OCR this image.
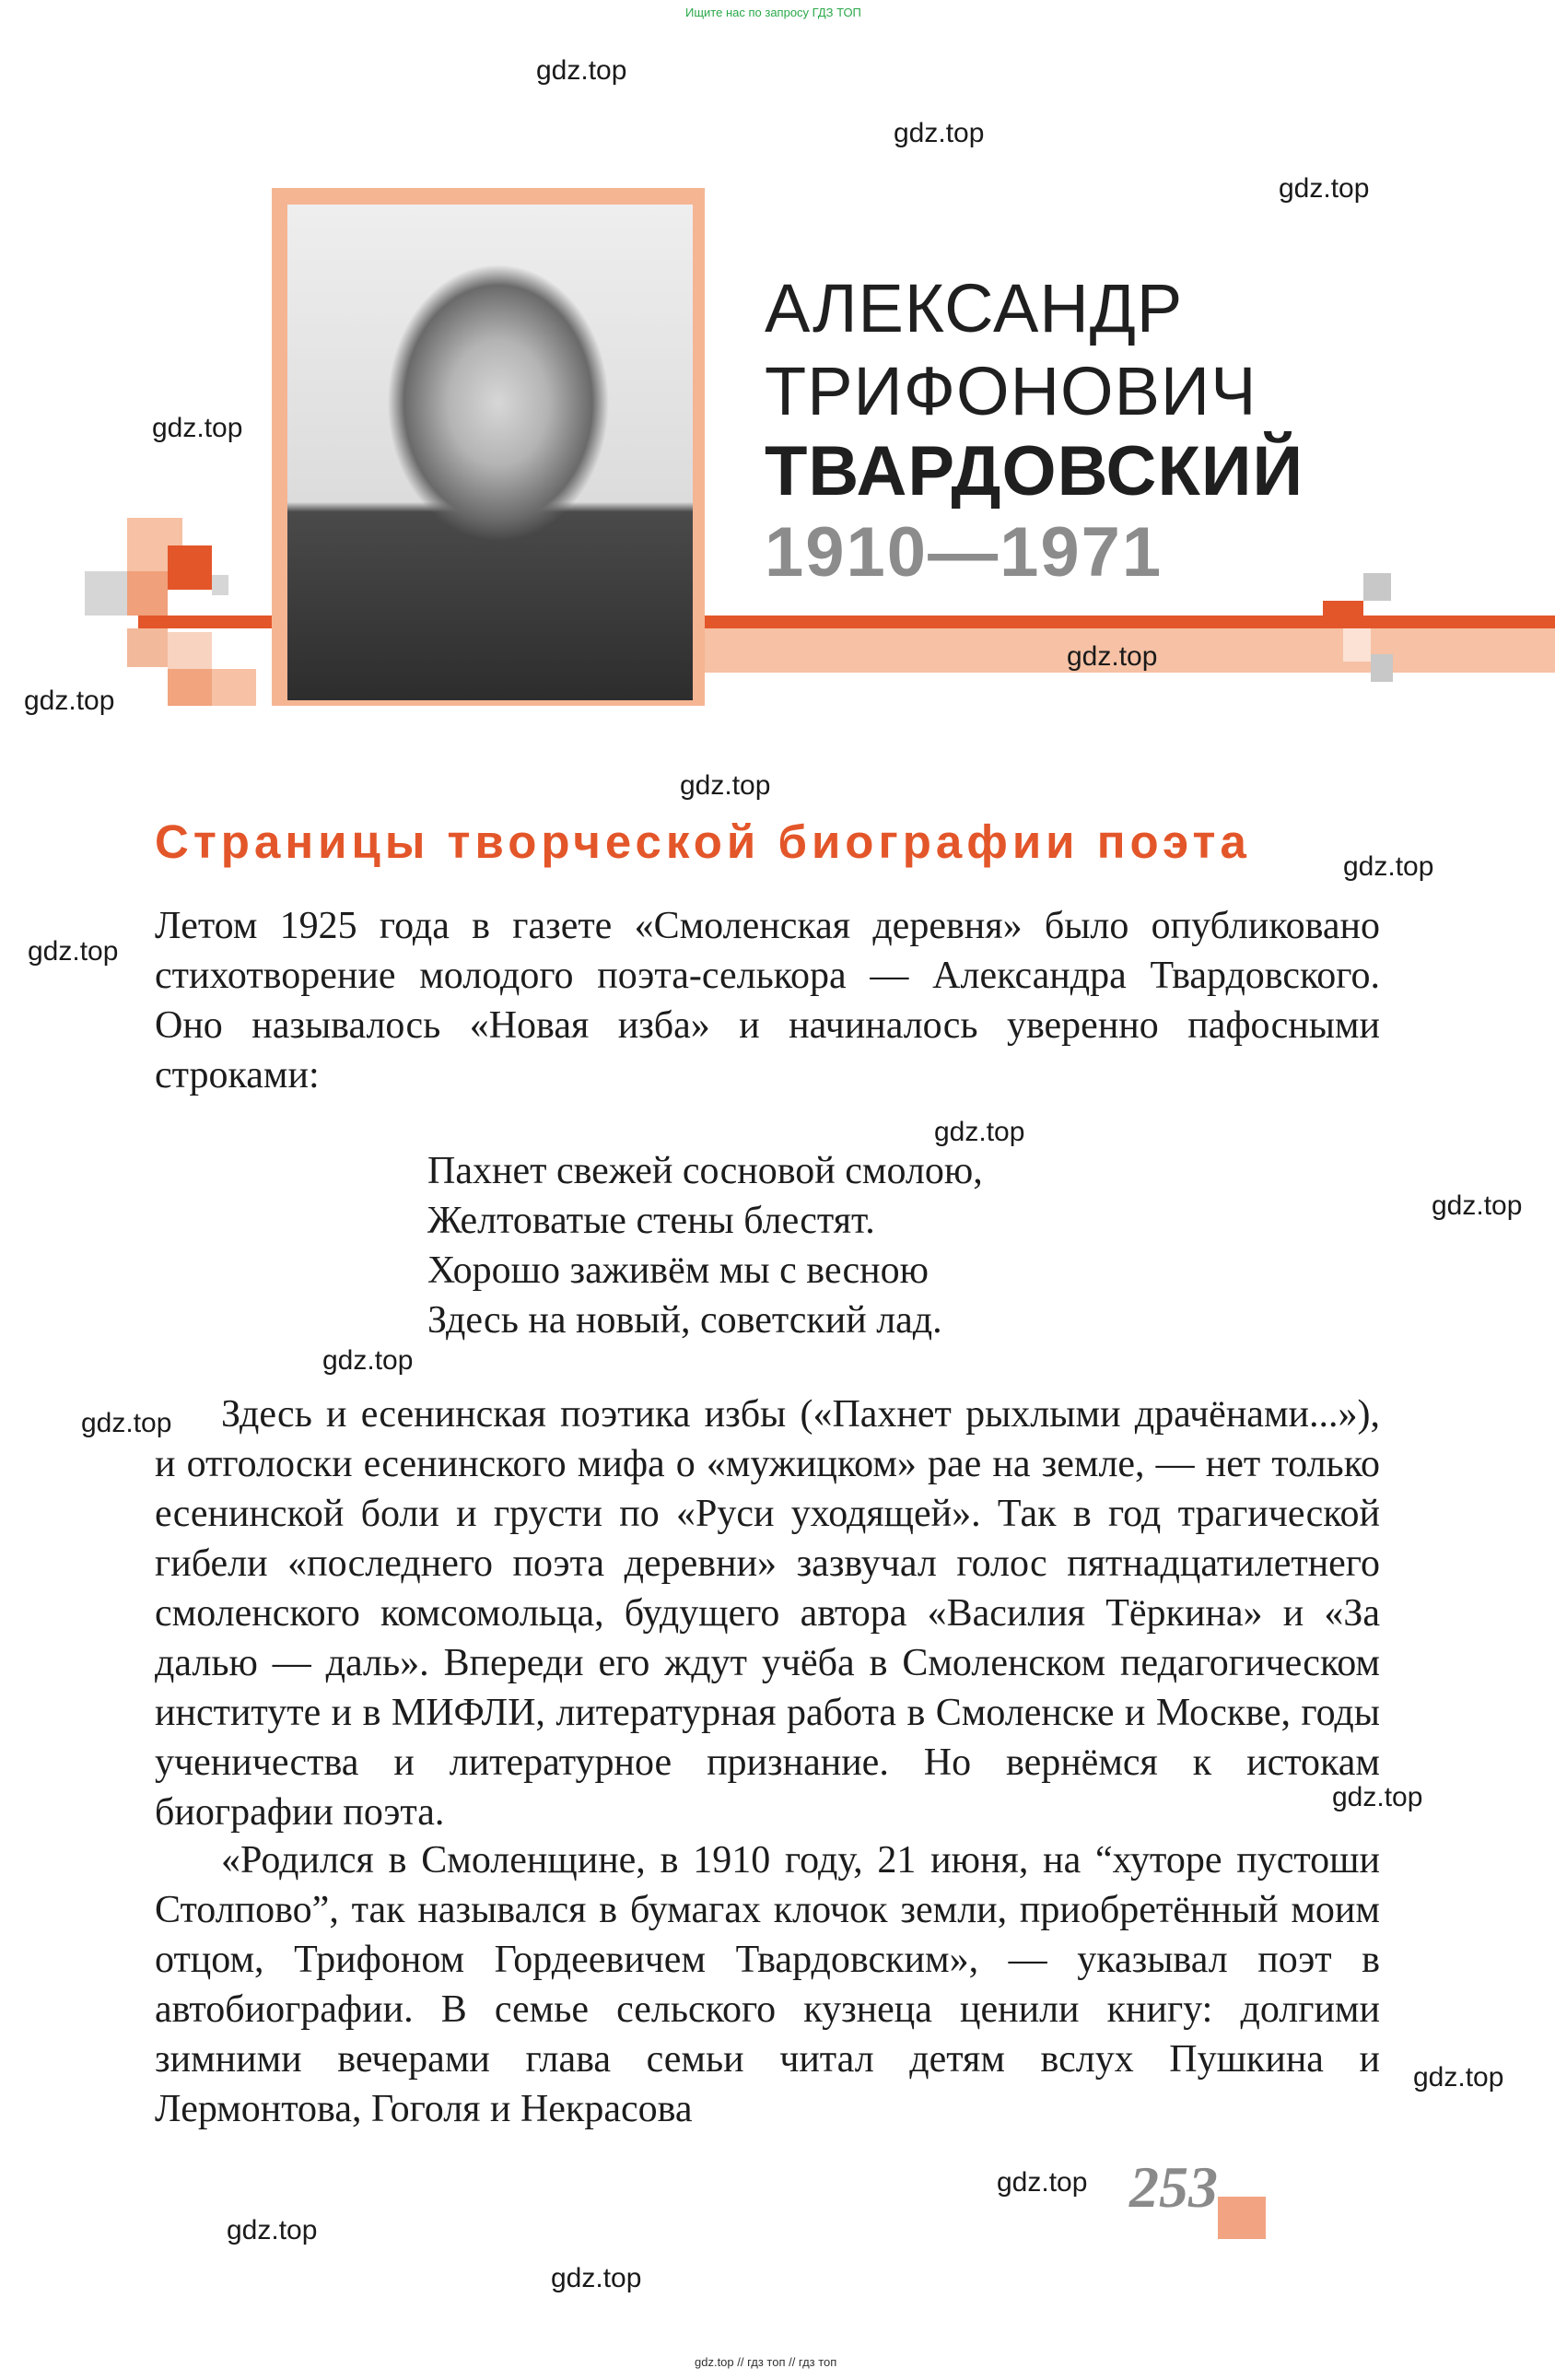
Ищите нас по запросу ГДЗ ТОП
gdz.top // гдз топ // гдз топ
АЛЕКСАНДР
ТРИФОНОВИЧ
ТВАРДОВСКИЙ
1910—1971
Страницы творческой биографии поэта

Летом 1925 года в газете «Смоленская деревня» было опубликовано стихотворение молодого поэта-селькора — Александра Твардовского. Оно называлось «Новая изба» и начиналось уверенно пафосными строками:

Пахнет свежей сосновой смолою,
Желтоватые стены блестят.
Хорошо заживём мы с весною
Здесь на новый, советский лад.

Здесь и есенинская поэтика избы («Пахнет рыхлыми драчёнами...»), и отголоски есенинского мифа о «мужицком» рае на земле, — нет только есенинской боли и грусти по «Руси уходящей». Так в год трагической гибели «последнего поэта деревни» зазвучал голос пятнадцатилетнего смоленского комсомольца, будущего автора «Василия Тёркина» и «За далью — даль». Впереди его ждут учёба в Смоленском педагогическом институте и в МИФЛИ, литературная работа в Смоленске и Москве, годы ученичества и литературное признание. Но вернёмся к истокам биографии поэта.

«Родился в Смоленщине, в 1910 году, 21 июня, на “хуторе пустоши Столпово”, так назывался в бумагах клочок земли, приобретённый моим отцом, Трифоном Гордеевичем Твардовским», — указывал поэт в автобиографии. В семье сельского кузнеца ценили книгу: долгими зимними вечерами глава семьи читал детям вслух Пушкина и Лермонтова, Гоголя и Некрасова

253
gdz.top
gdz.top
gdz.top
gdz.top
gdz.top
gdz.top
gdz.top
gdz.top
gdz.top
gdz.top
gdz.top
gdz.top
gdz.top
gdz.top
gdz.top
gdz.top
gdz.top
gdz.top
